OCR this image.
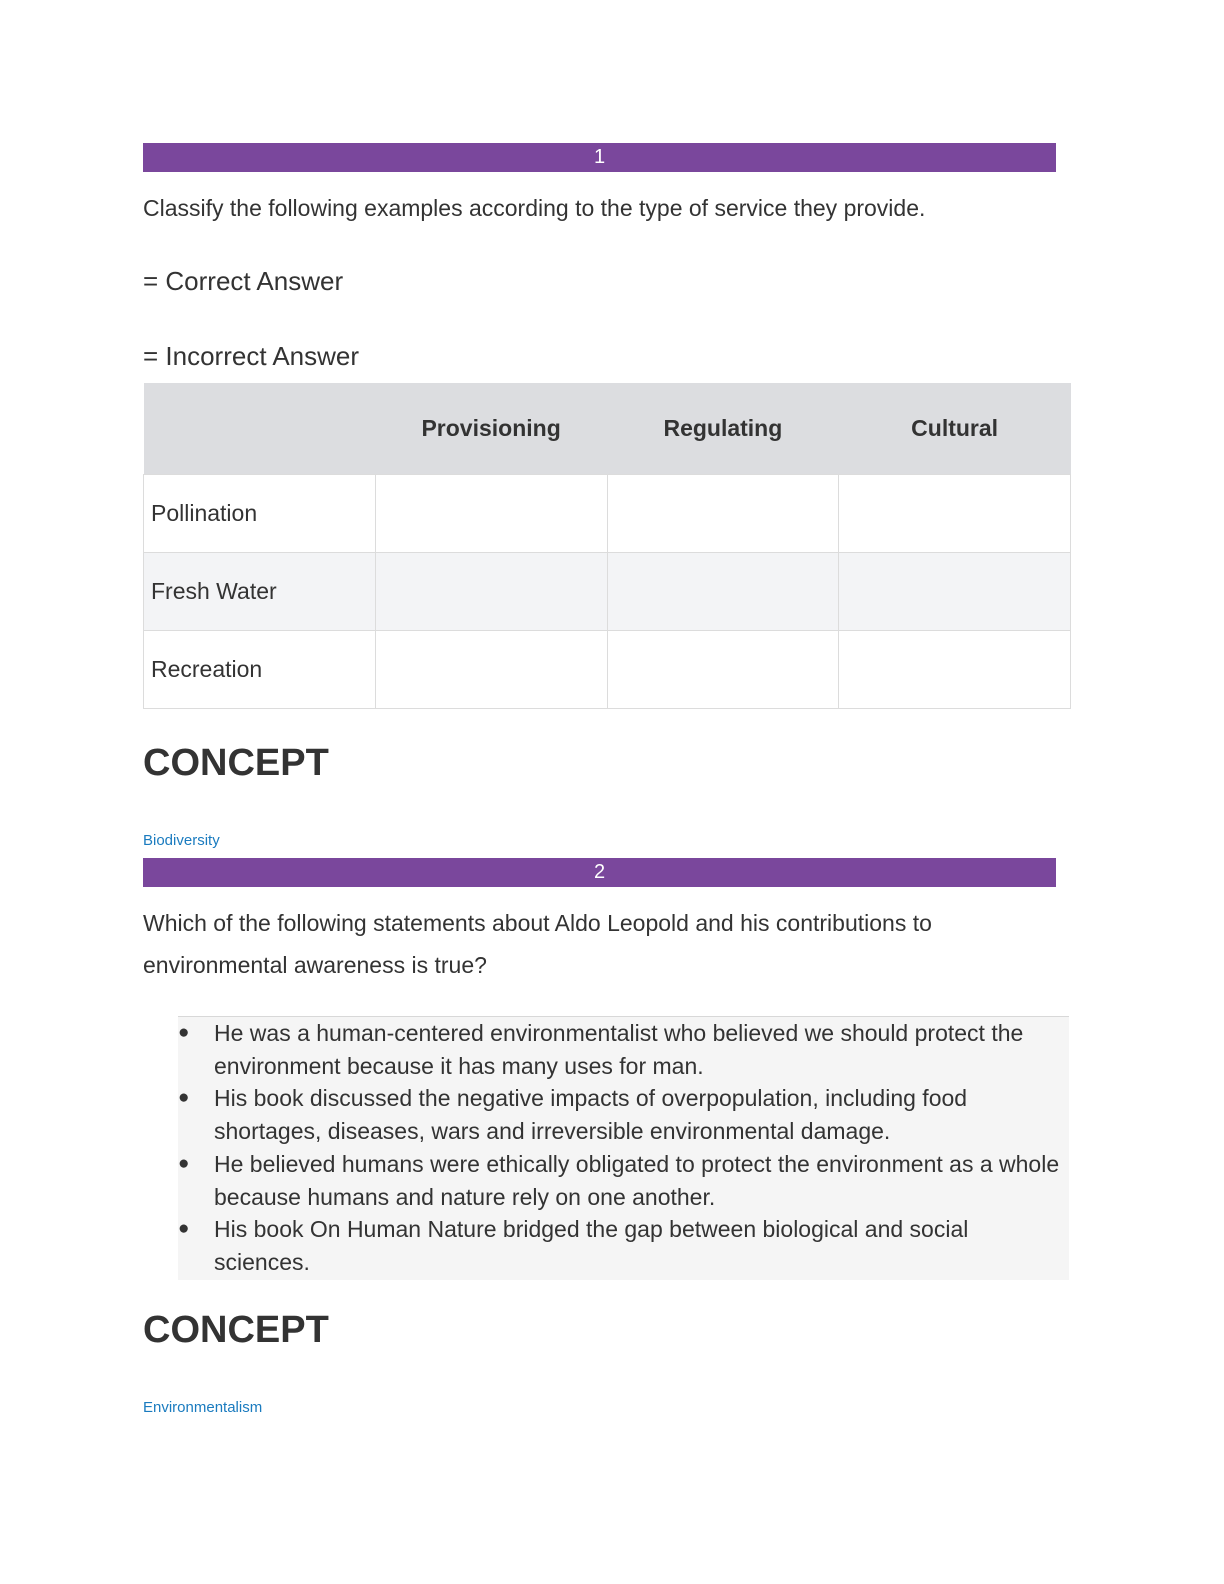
1

Classify the following examples according to the type of service they provide.

= Correct Answer
= Incorrect Answer
	Provisioning	Regulating	Cultural
Pollination			
Fresh Water			
Recreation			
CONCEPT
Biodiversity
2

Which of the following statements about Aldo Leopold and his contributions to

environmental awareness is true?

●	He was a human-centered environmentalist who believed we should protect the environment because it has many uses for man.
●	His book discussed the negative impacts of overpopulation, including food shortages, diseases, wars and irreversible environmental damage.
●	He believed humans were ethically obligated to protect the environment as a whole because humans and nature rely on one another.
●	His book On Human Nature bridged the gap between biological and social sciences.
CONCEPT
Environmentalism
